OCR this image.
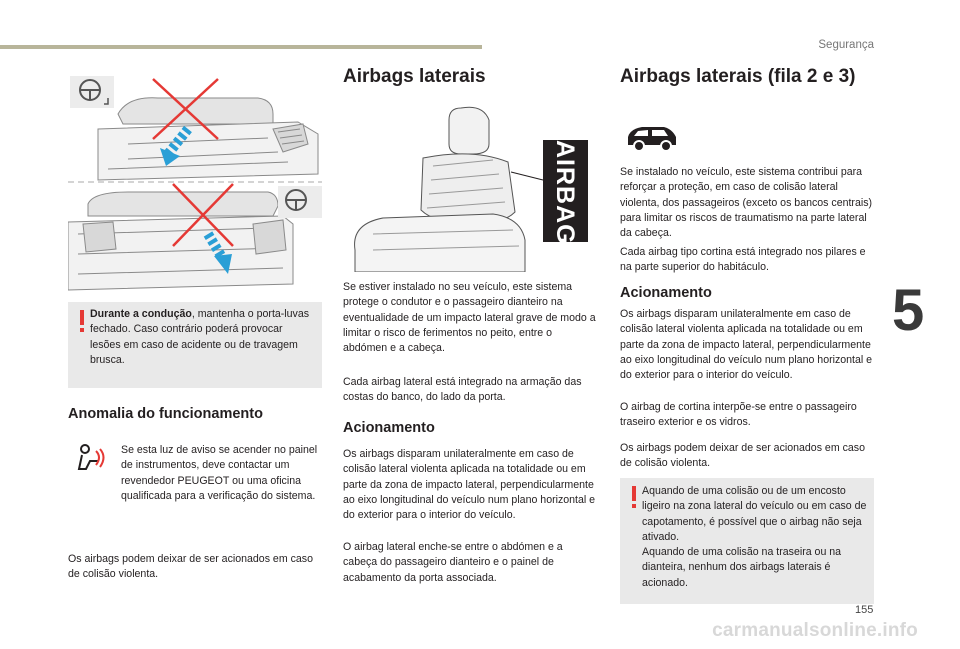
Segurança
5

Durante a condução, mantenha o porta-luvas fechado. Caso contrário poderá provocar lesões em caso de acidente ou de travagem brusca.

Anomalia do funcionamento

Se esta luz de aviso se acender no painel de instrumentos, deve contactar um revendedor PEUGEOT ou uma oficina qualificada para a verificação do sistema.

Os airbags podem deixar de ser acionados em caso de colisão violenta.

Airbags laterais
AIRBAG

Se estiver instalado no seu veículo, este sistema protege o condutor e o passageiro dianteiro na eventualidade de um impacto lateral grave de modo a limitar o risco de ferimentos no peito, entre o abdómen e a cabeça.

Cada airbag lateral está integrado na armação das costas do banco, do lado da porta.

Acionamento

Os airbags disparam unilateralmente em caso de colisão lateral violenta aplicada na totalidade ou em parte da zona de impacto lateral, perpendicularmente ao eixo longitudinal do veículo num plano horizontal e do exterior para o interior do veículo.

O airbag lateral enche-se entre o abdómen e a cabeça do passageiro dianteiro e o painel de acabamento da porta associada.

Airbags laterais (fila 2 e 3)

Se instalado no veículo, este sistema contribui para reforçar a proteção, em caso de colisão lateral violenta, dos passageiros (exceto os bancos centrais) para limitar os riscos de traumatismo na parte lateral da cabeça.

Cada airbag tipo cortina está integrado nos pilares e na parte superior do habitáculo.

Acionamento

Os airbags disparam unilateralmente em caso de colisão lateral violenta aplicada na totalidade ou em parte da zona de impacto lateral, perpendicularmente ao eixo longitudinal do veículo num plano horizontal e do exterior para o interior do veículo.

O airbag de cortina interpõe-se entre o passageiro traseiro exterior e os vidros.

Os airbags podem deixar de ser acionados em caso de colisão violenta.

Aquando de uma colisão ou de um encosto ligeiro na zona lateral do veículo ou em caso de capotamento, é possível que o airbag não seja ativado.

Aquando de uma colisão na traseira ou na dianteira, nenhum dos airbags laterais é acionado.

155
carmanualsonline.info
